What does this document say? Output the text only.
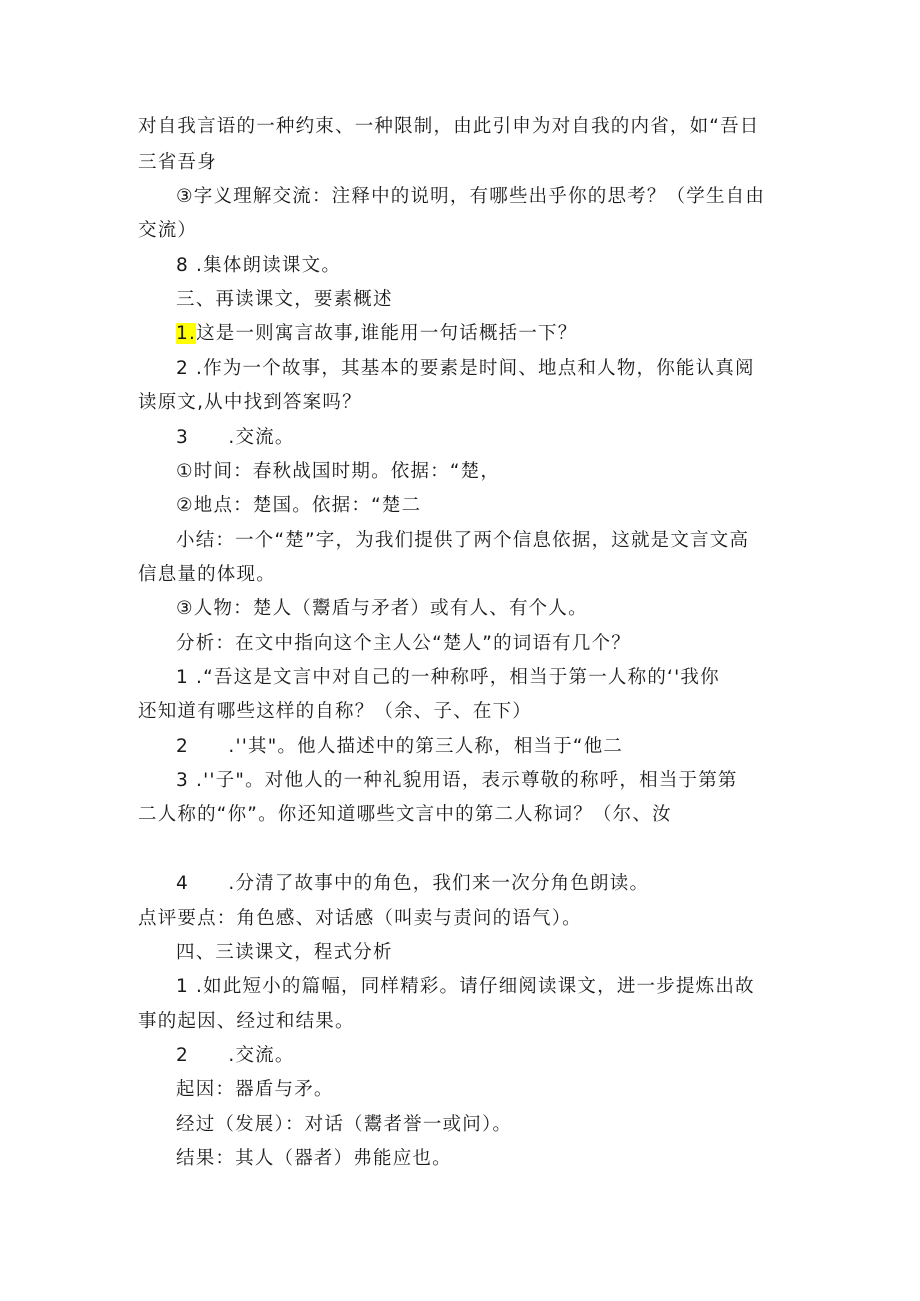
对自我言语的一种约束、一种限制，由此引申为对自我的内省，如“吾日
三省吾身
③字义理解交流：注释中的说明，有哪些出乎你的思考？（学生自由
交流）
8 .集体朗读课文。
三、再读课文，要素概述
1.这是一则寓言故事,谁能用一句话概括一下？
2 .作为一个故事，其基本的要素是时间、地点和人物，你能认真阅
读原文,从中找到答案吗？
3　　.交流。
①时间：春秋战国时期。依据：“楚，
②地点：楚国。依据：“楚二
小结：一个“楚”字，为我们提供了两个信息依据，这就是文言文高
信息量的体现。
③人物：楚人（鬻盾与矛者）或有人、有个人。
分析：在文中指向这个主人公“楚人”的词语有几个？
1 .“吾这是文言中对自己的一种称呼，相当于第一人称的‘'我你
还知道有哪些这样的自称？（余、子、在下）
2　　.''其"。他人描述中的第三人称，相当于“他二
3 .''子"。对他人的一种礼貌用语，表示尊敬的称呼，相当于第第
二人称的“你”。你还知道哪些文言中的第二人称词？（尔、汝
4　　.分清了故事中的角色，我们来一次分角色朗读。
点评要点：角色感、对话感（叫卖与责问的语气）。
四、三读课文，程式分析
1 .如此短小的篇幅，同样精彩。请仔细阅读课文，进一步提炼出故
事的起因、经过和结果。
2　　.交流。
起因：器盾与矛。
经过（发展）：对话（鬻者誉一或问）。
结果：其人（器者）弗能应也。
